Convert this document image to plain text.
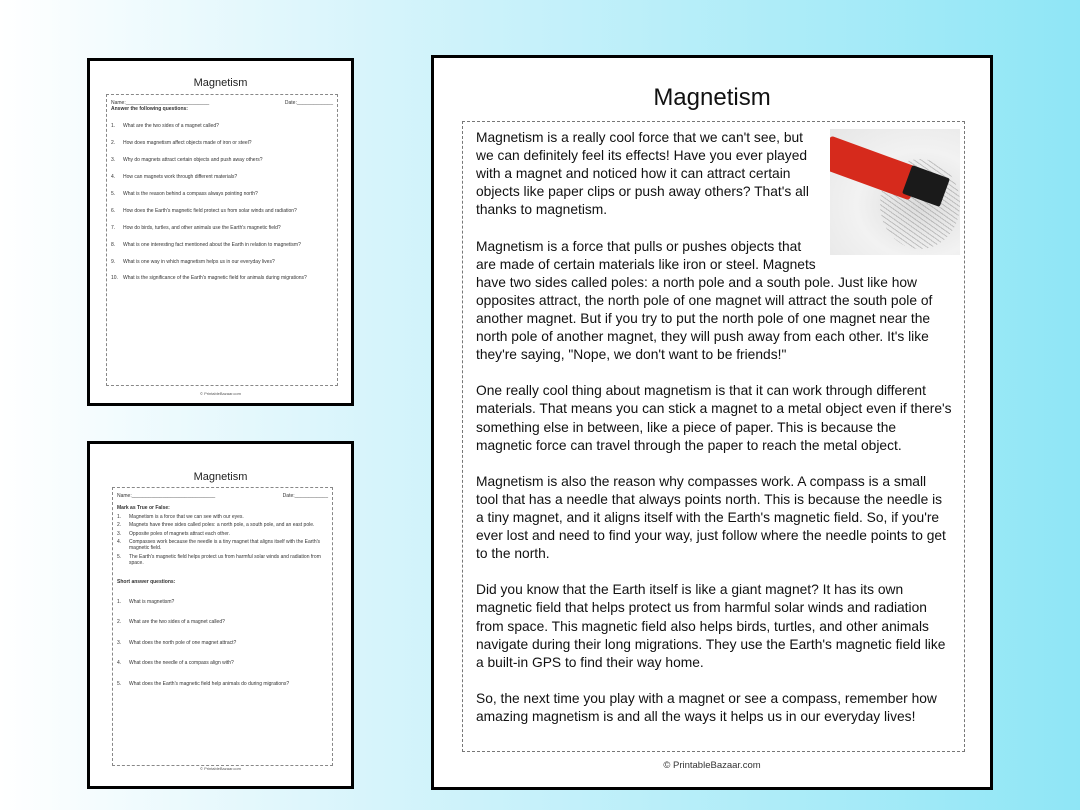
Magnetism
Name:______________________________	Date:_____________
Answer the following questions:
1.	What are the two sides of a magnet called?
2.	How does magnetism affect objects made of iron or steel?
3.	Why do magnets attract certain objects and push away others?
4.	How can magnets work through different materials?
5.	What is the reason behind a compass always pointing north?
6.	How does the Earth's magnetic field protect us from solar winds and radiation?
7.	How do birds, turtles, and other animals use the Earth's magnetic field?
8.	What is one interesting fact mentioned about the Earth in relation to magnetism?
9.	What is one way in which magnetism helps us in our everyday lives?
10.	What is the significance of the Earth's magnetic field for animals during migrations?
© PrintableBazaar.com
Magnetism
Name:______________________________	Date:____________
Mark as True or False:
1.	Magnetism is a force that we can see with our eyes.
2.	Magnets have three sides called poles: a north pole, a south pole, and an east pole.
3.	Opposite poles of magnets attract each other.
4.	Compasses work because the needle is a tiny magnet that aligns itself with the Earth's magnetic field.
5.	The Earth's magnetic field helps protect us from harmful solar winds and radiation from space.
Short answer questions:
1.	What is magnetism?
2.	What are the two sides of a magnet called?
3.	What does the north pole of one magnet attract?
4.	What does the needle of a compass align with?
5.	What does the Earth's magnetic field help animals do during migrations?
© PrintableBazaar.com
Magnetism

Magnetism is a really cool force that we can't see, but we can definitely feel its effects! Have you ever played with a magnet and noticed how it can attract certain objects like paper clips or push away others? That's all thanks to magnetism.

Magnetism is a force that pulls or pushes objects that are made of certain materials like iron or steel. Magnets have two sides called poles: a north pole and a south pole. Just like how opposites attract, the north pole of one magnet will attract the south pole of another magnet. But if you try to put the north pole of one magnet near the north pole of another magnet, they will push away from each other. It's like they're saying, "Nope, we don't want to be friends!"

One really cool thing about magnetism is that it can work through different materials. That means you can stick a magnet to a metal object even if there's something else in between, like a piece of paper. This is because the magnetic force can travel through the paper to reach the metal object.

Magnetism is also the reason why compasses work. A compass is a small tool that has a needle that always points north. This is because the needle is a tiny magnet, and it aligns itself with the Earth's magnetic field. So, if you're ever lost and need to find your way, just follow where the needle points to get to the north.

Did you know that the Earth itself is like a giant magnet? It has its own magnetic field that helps protect us from harmful solar winds and radiation from space. This magnetic field also helps birds, turtles, and other animals navigate during their long migrations. They use the Earth's magnetic field like a built-in GPS to find their way home.

So, the next time you play with a magnet or see a compass, remember how amazing magnetism is and all the ways it helps us in our everyday lives!

© PrintableBazaar.com
